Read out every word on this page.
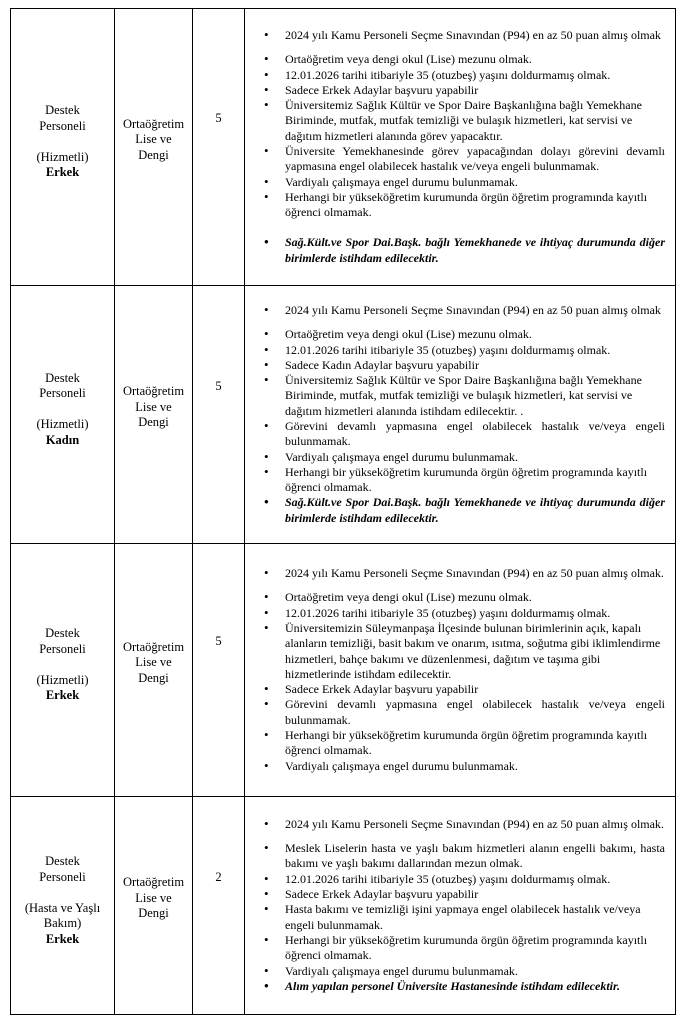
Destek
Personeli
(Hizmetli)
Erkek
Ortaöğretim
Lise ve
Dengi
5
• 2024 yılı Kamu Personeli Seçme Sınavından (P94) en az 50 puan almış olmak
• Ortaöğretim veya dengi okul (Lise) mezunu olmak.
• 12.01.2026 tarihi itibariyle 35 (otuzbeş) yaşını doldurmamış olmak.
• Sadece Erkek Adaylar başvuru yapabilir
• Üniversitemiz Sağlık Kültür ve Spor Daire Başkanlığına bağlı Yemekhane Biriminde, mutfak, mutfak temizliği ve bulaşık hizmetleri, kat servisi ve dağıtım hizmetleri alanında görev yapacaktır.
• Üniversite Yemekhanesinde görev yapacağından dolayı görevini devamlı yapmasına engel olabilecek hastalık ve/veya engeli bulunmamak.
• Vardiyalı çalışmaya engel durumu bulunmamak.
• Herhangi bir yükseköğretim kurumunda örgün öğretim programında kayıtlı öğrenci olmamak.
• Sağ.Kült.ve Spor Dai.Başk. bağlı Yemekhanede ve ihtiyaç durumunda diğer birimlerde istihdam edilecektir.
Destek
Personeli
(Hizmetli)
Kadın
Ortaöğretim
Lise ve
Dengi
5
• 2024 yılı Kamu Personeli Seçme Sınavından (P94) en az 50 puan almış olmak
• Ortaöğretim veya dengi okul (Lise) mezunu olmak.
• 12.01.2026 tarihi itibariyle 35 (otuzbeş) yaşını doldurmamış olmak.
• Sadece Kadın Adaylar başvuru yapabilir
• Üniversitemiz Sağlık Kültür ve Spor Daire Başkanlığına bağlı Yemekhane Biriminde, mutfak, mutfak temizliği ve bulaşık hizmetleri, kat servisi ve dağıtım hizmetleri alanında istihdam edilecektir. .
• Görevini devamlı yapmasına engel olabilecek hastalık ve/veya engeli bulunmamak.
• Vardiyalı çalışmaya engel durumu bulunmamak.
• Herhangi bir yükseköğretim kurumunda örgün öğretim programında kayıtlı öğrenci olmamak.
• Sağ.Kült.ve Spor Dai.Başk. bağlı Yemekhanede ve ihtiyaç durumunda diğer birimlerde istihdam edilecektir.
Destek
Personeli
(Hizmetli)
Erkek
Ortaöğretim
Lise ve
Dengi
5
• 2024 yılı Kamu Personeli Seçme Sınavından (P94) en az 50 puan almış olmak.
• Ortaöğretim veya dengi okul (Lise) mezunu olmak.
• 12.01.2026 tarihi itibariyle 35 (otuzbeş) yaşını doldurmamış olmak.
• Üniversitemizin Süleymanpaşa İlçesinde bulunan birimlerinin açık, kapalı alanların temizliği, basit bakım ve onarım, ısıtma, soğutma gibi iklimlendirme hizmetleri, bahçe bakımı ve düzenlenmesi, dağıtım ve taşıma gibi hizmetlerinde istihdam edilecektir.
• Sadece Erkek Adaylar başvuru yapabilir
• Görevini devamlı yapmasına engel olabilecek hastalık ve/veya engeli bulunmamak.
• Herhangi bir yükseköğretim kurumunda örgün öğretim programında kayıtlı öğrenci olmamak.
• Vardiyalı çalışmaya engel durumu bulunmamak.
Destek
Personeli
(Hasta ve Yaşlı
Bakım)
Erkek
Ortaöğretim
Lise ve
Dengi
2
• 2024 yılı Kamu Personeli Seçme Sınavından (P94) en az 50 puan almış olmak.
• Meslek Liselerin hasta ve yaşlı bakım hizmetleri alanın engelli bakımı, hasta bakımı ve yaşlı bakımı dallarından mezun olmak.
• 12.01.2026 tarihi itibariyle 35 (otuzbeş) yaşını doldurmamış olmak.
• Sadece Erkek Adaylar başvuru yapabilir
• Hasta bakımı ve temizliği işini yapmaya engel olabilecek hastalık ve/veya engeli bulunmamak.
• Herhangi bir yükseköğretim kurumunda örgün öğretim programında kayıtlı öğrenci olmamak.
• Vardiyalı çalışmaya engel durumu bulunmamak.
• Alım yapılan personel Üniversite Hastanesinde istihdam edilecektir.
